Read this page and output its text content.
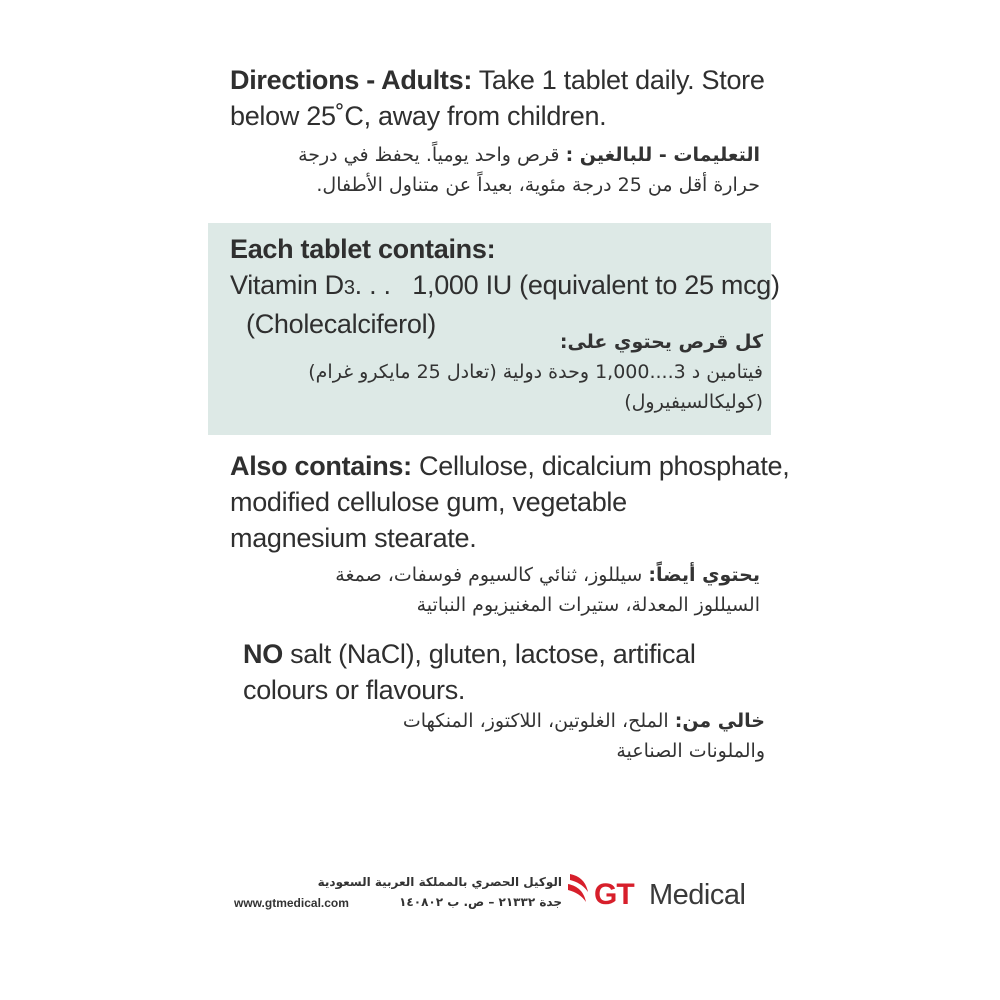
Directions - Adults: Take 1 tablet daily. Store
below 25˚C, away from children.
التعليمات - للبالغين : قرص واحد يومياً. يحفظ في درجة
حرارة أقل من 25 درجة مئوية، بعيداً عن متناول الأطفال.
Each tablet contains:
Vitamin D3. . . 1,000 IU (equivalent to 25 mcg)
(Cholecalciferol)
كل قرص يحتوي على:
فيتامين د 3....1,000 وحدة دولية (تعادل 25 مايكرو غرام)
(كوليكالسيفيرول)
Also contains: Cellulose, dicalcium phosphate,
modified cellulose gum, vegetable
magnesium stearate.
يحتوي أيضاً: سيللوز، ثنائي كالسيوم فوسفات، صمغة
السيللوز المعدلة، ستيرات المغنيزيوم النباتية
NO salt (NaCl), gluten, lactose, artifical
colours or flavours.
خالي من: الملح، الغلوتين، اللاكتوز، المنكهات
والملونات الصناعية
الوكيل الحصري بالمملكة العربية السعودية
جدة ٢١٣٣٢ – ص. ب ١٤٠٨٠٢
www.gtmedical.com	GT Medical
